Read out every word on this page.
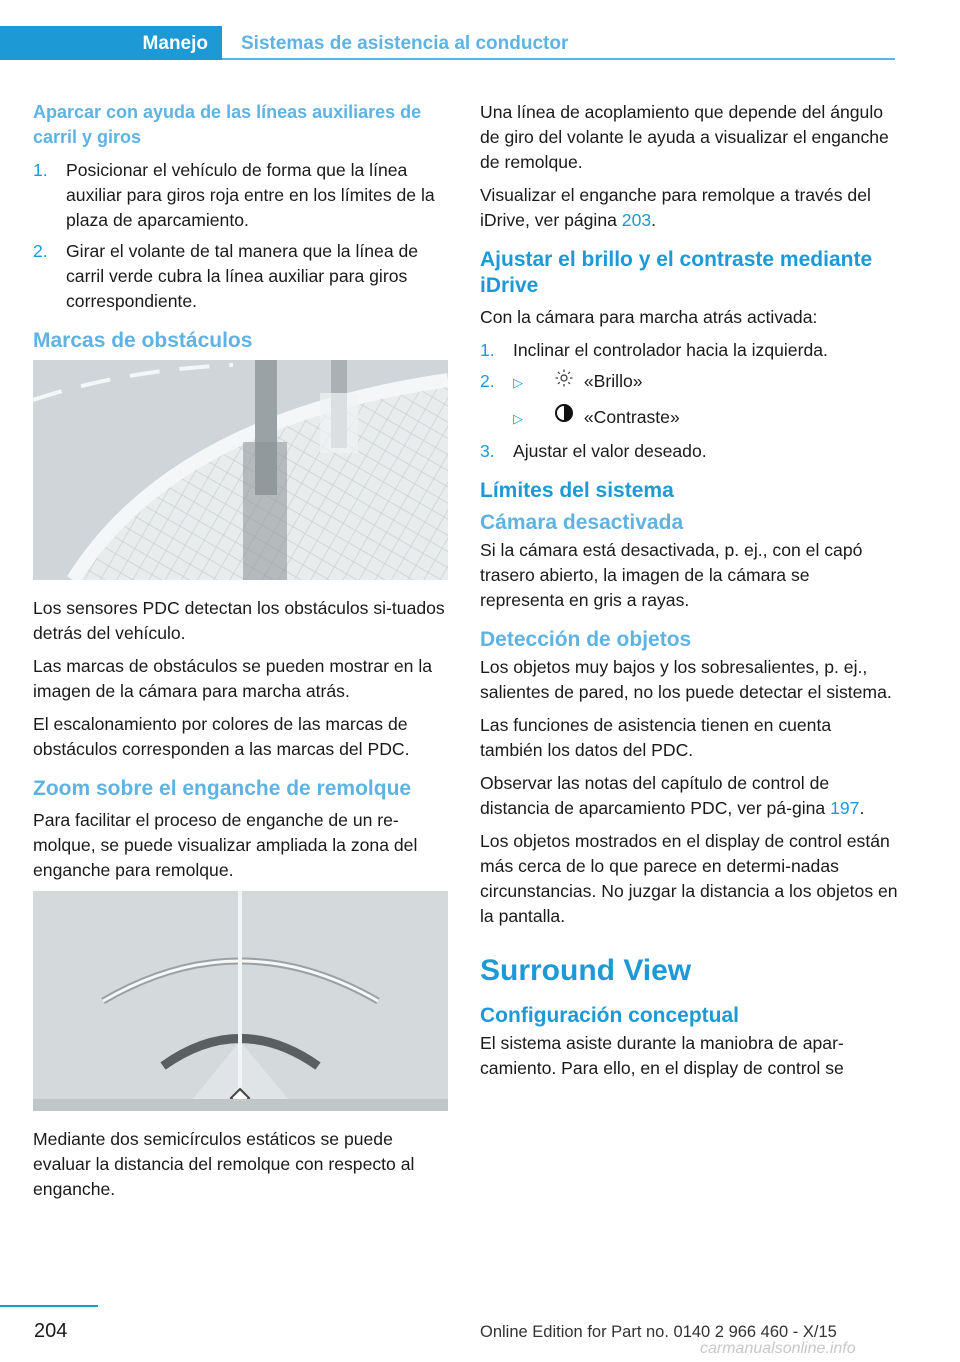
Manejo Sistemas de asistencia al conductor

Aparcar con ayuda de las líneas auxiliares de carril y giros

1. Posicionar el vehículo de forma que la línea auxiliar para giros roja entre en los límites de la plaza de aparcamiento.
2. Girar el volante de tal manera que la línea de carril verde cubra la línea auxiliar para giros correspondiente.
Marcas de obstáculos

Los sensores PDC detectan los obstáculos si-tuados detrás del vehículo.

Las marcas de obstáculos se pueden mostrar en la imagen de la cámara para marcha atrás.

El escalonamiento por colores de las marcas de obstáculos corresponden a las marcas del PDC.

Zoom sobre el enganche de remolque

Para facilitar el proceso de enganche de un re-molque, se puede visualizar ampliada la zona del enganche para remolque.

Mediante dos semicírculos estáticos se puede evaluar la distancia del remolque con respecto al enganche.

Una línea de acoplamiento que depende del ángulo de giro del volante le ayuda a visualizar el enganche de remolque.

Visualizar el enganche para remolque a través del iDrive, ver página 203.

Ajustar el brillo y el contraste mediante iDrive

Con la cámara para marcha atrás activada:

1. Inclinar el controlador hacia la izquierda.
2. ▷	«Brillo»
▷	«Contraste»
3. Ajustar el valor deseado.
Límites del sistema
Cámara desactivada

Si la cámara está desactivada, p. ej., con el capó trasero abierto, la imagen de la cámara se representa en gris a rayas.

Detección de objetos

Los objetos muy bajos y los sobresalientes, p. ej., salientes de pared, no los puede detectar el sistema.

Las funciones de asistencia tienen en cuenta también los datos del PDC.

Observar las notas del capítulo de control de distancia de aparcamiento PDC, ver pá-gina 197.

Los objetos mostrados en el display de control están más cerca de lo que parece en determi-nadas circunstancias. No juzgar la distancia a los objetos en la pantalla.

Surround View
Configuración conceptual

El sistema asiste durante la maniobra de apar-camiento. Para ello, en el display de control se

204	Online Edition for Part no. 0140 2 966 460 - X/15
carmanualsonline.info
